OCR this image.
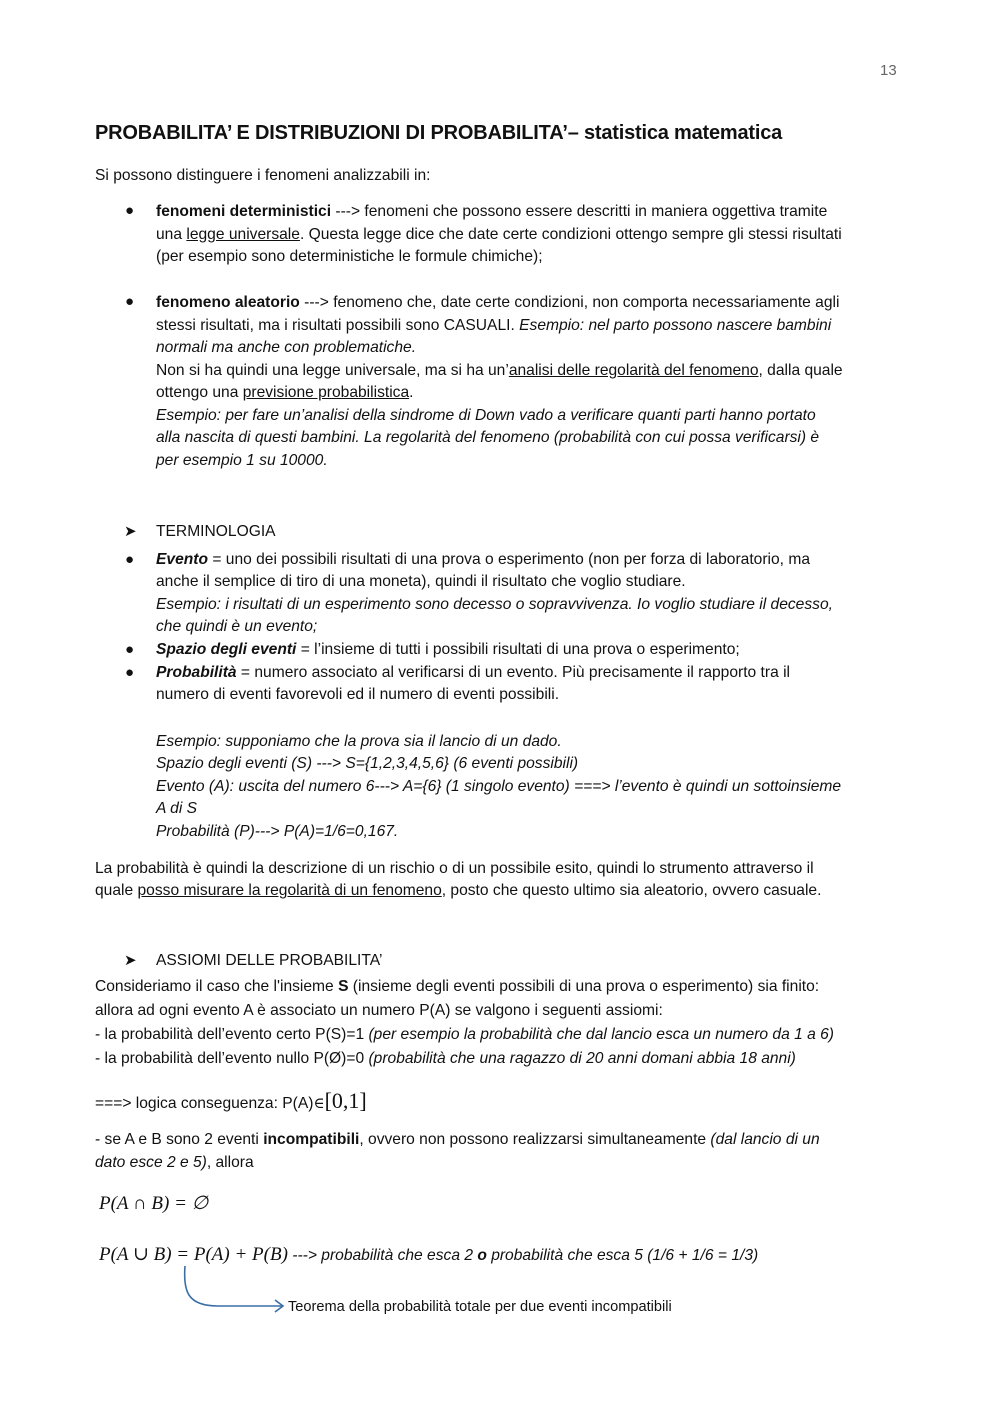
13
PROBABILITA’ E DISTRIBUZIONI DI PROBABILITA’– statistica matematica
Si possono distinguere i fenomeni analizzabili in:
● fenomeni deterministici ---> fenomeni che possono essere descritti in maniera oggettiva tramite
una legge universale. Questa legge dice che date certe condizioni ottengo sempre gli stessi risultati
(per esempio sono deterministiche le formule chimiche);
● fenomeno aleatorio ---> fenomeno che, date certe condizioni, non comporta necessariamente agli
stessi risultati, ma i risultati possibili sono CASUALI. Esempio: nel parto possono nascere bambini
normali ma anche con problematiche.
Non si ha quindi una legge universale, ma si ha un’analisi delle regolarità del fenomeno, dalla quale
ottengo una previsione probabilistica.
Esempio: per fare un’analisi della sindrome di Down vado a verificare quanti parti hanno portato
alla nascita di questi bambini. La regolarità del fenomeno (probabilità con cui possa verificarsi) è
per esempio 1 su 10000.
➤ TERMINOLOGIA
● Evento = uno dei possibili risultati di una prova o esperimento (non per forza di laboratorio, ma
anche il semplice di tiro di una moneta), quindi il risultato che voglio studiare.
Esempio: i risultati di un esperimento sono decesso o sopravvivenza. Io voglio studiare il decesso,
che quindi è un evento;
● Spazio degli eventi = l’insieme di tutti i possibili risultati di una prova o esperimento;
● Probabilità = numero associato al verificarsi di un evento. Più precisamente il rapporto tra il
numero di eventi favorevoli ed il numero di eventi possibili.
Esempio: supponiamo che la prova sia il lancio di un dado.
Spazio degli eventi (S) ---> S={1,2,3,4,5,6} (6 eventi possibili)
Evento (A): uscita del numero 6---> A={6} (1 singolo evento) ===> l’evento è quindi un sottoinsieme
A di S
Probabilità (P)---> P(A)=1/6=0,167.
La probabilità è quindi la descrizione di un rischio o di un possibile esito, quindi lo strumento attraverso il
quale posso misurare la regolarità di un fenomeno, posto che questo ultimo sia aleatorio, ovvero casuale.
➤ ASSIOMI DELLE PROBABILITA’
Consideriamo il caso che l'insieme S (insieme degli eventi possibili di una prova o esperimento) sia finito:
allora ad ogni evento A è associato un numero P(A) se valgono i seguenti assiomi:
- la probabilità dell’evento certo P(S)=1 (per esempio la probabilità che dal lancio esca un numero da 1 a 6)
- la probabilità dell’evento nullo P(Ø)=0 (probabilità che una ragazzo di 20 anni domani abbia 18 anni)
===> logica conseguenza: P(A)∈[0,1]
- se A e B sono 2 eventi incompatibili, ovvero non possono realizzarsi simultaneamente (dal lancio di un
dato esce 2 e 5), allora
P(A ∩ B) = ∅
P(A ∪ B) = P(A) + P(B) ---> probabilità che esca 2 o probabilità che esca 5 (1/6 + 1/6 = 1/3)
Teorema della probabilità totale per due eventi incompatibili
